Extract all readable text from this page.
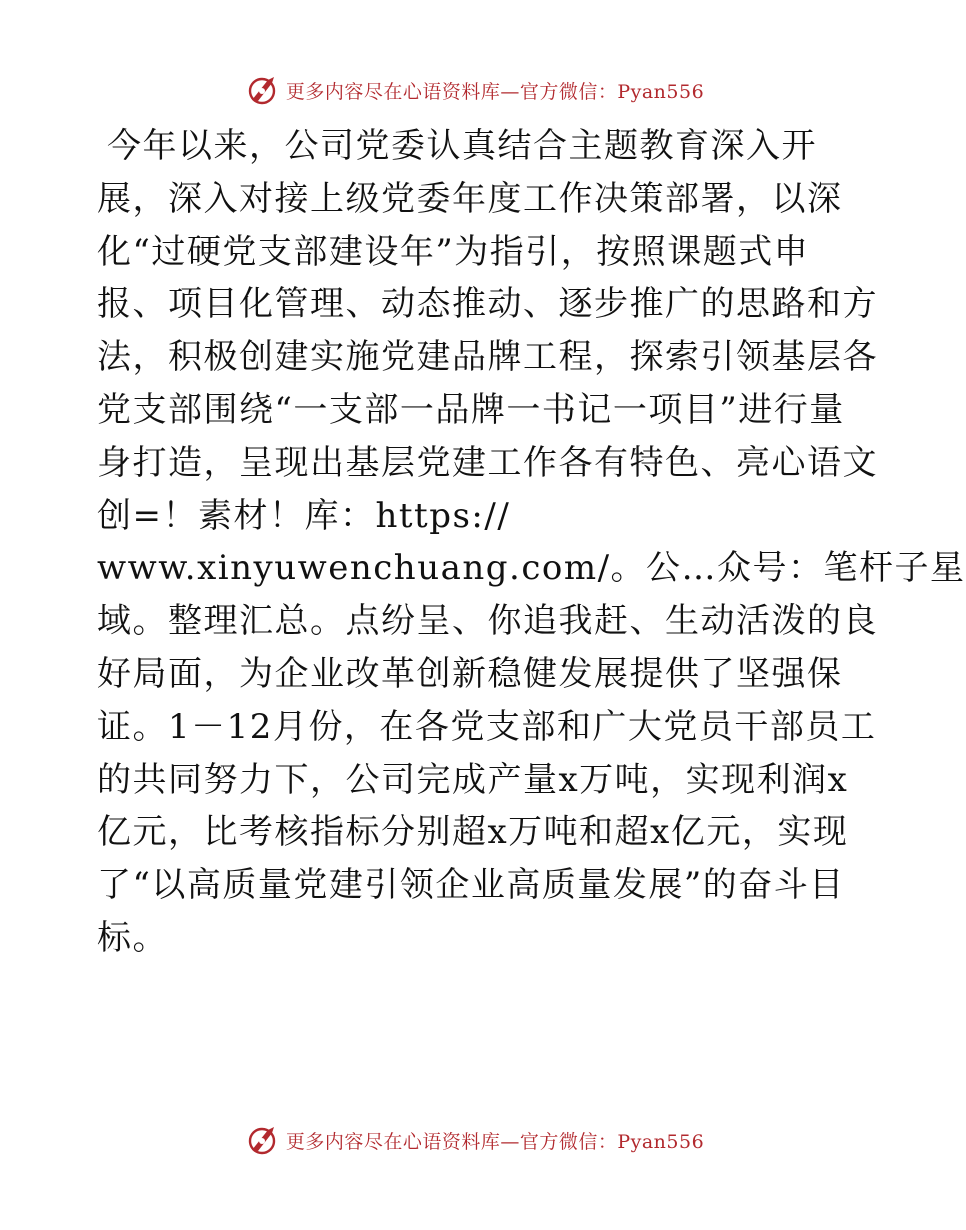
更多内容尽在心语资料库—官方微信：Pyan556
今年以来，公司党委认真结合主题教育深入开
展，深入对接上级党委年度工作决策部署，以深
化“过硬党支部建设年”为指引，按照课题式申
报、项目化管理、动态推动、逐步推广的思路和方
法，积极创建实施党建品牌工程，探索引领基层各
党支部围绕“一支部一品牌一书记一项目”进行量
身打造，呈现出基层党建工作各有特色、亮心语文
创=！素材！库：https://
www.xinyuwenchuang.com/。公…众号：笔杆子星
域。整理汇总。点纷呈、你追我赶、生动活泼的良
好局面，为企业改革创新稳健发展提供了坚强保
证。1－12月份，在各党支部和广大党员干部员工
的共同努力下，公司完成产量x万吨，实现利润x
亿元，比考核指标分别超x万吨和超x亿元，实现
了“以高质量党建引领企业高质量发展”的奋斗目
标。
更多内容尽在心语资料库—官方微信：Pyan556
